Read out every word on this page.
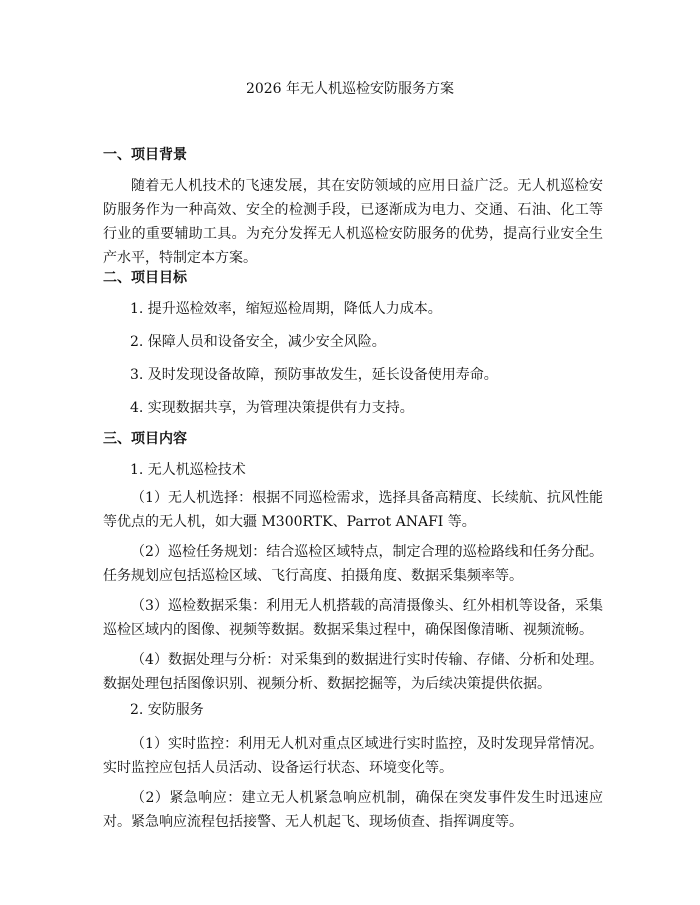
2026 年无人机巡检安防服务方案
一、项目背景
随着无人机技术的飞速发展，其在安防领域的应用日益广泛。无人机巡检安防服务作为一种高效、安全的检测手段，已逐渐成为电力、交通、石油、化工等行业的重要辅助工具。为充分发挥无人机巡检安防服务的优势，提高行业安全生产水平，特制定本方案。
二、项目目标
1. 提升巡检效率，缩短巡检周期，降低人力成本。
2. 保障人员和设备安全，减少安全风险。
3. 及时发现设备故障，预防事故发生，延长设备使用寿命。
4. 实现数据共享，为管理决策提供有力支持。
三、项目内容
1. 无人机巡检技术
（1）无人机选择：根据不同巡检需求，选择具备高精度、长续航、抗风性能等优点的无人机，如大疆 M300RTK、Parrot ANAFI 等。
（2）巡检任务规划：结合巡检区域特点，制定合理的巡检路线和任务分配。任务规划应包括巡检区域、飞行高度、拍摄角度、数据采集频率等。
（3）巡检数据采集：利用无人机搭载的高清摄像头、红外相机等设备，采集巡检区域内的图像、视频等数据。数据采集过程中，确保图像清晰、视频流畅。
（4）数据处理与分析：对采集到的数据进行实时传输、存储、分析和处理。数据处理包括图像识别、视频分析、数据挖掘等，为后续决策提供依据。
2. 安防服务
（1）实时监控：利用无人机对重点区域进行实时监控，及时发现异常情况。实时监控应包括人员活动、设备运行状态、环境变化等。
（2）紧急响应：建立无人机紧急响应机制，确保在突发事件发生时迅速应对。紧急响应流程包括接警、无人机起飞、现场侦查、指挥调度等。
